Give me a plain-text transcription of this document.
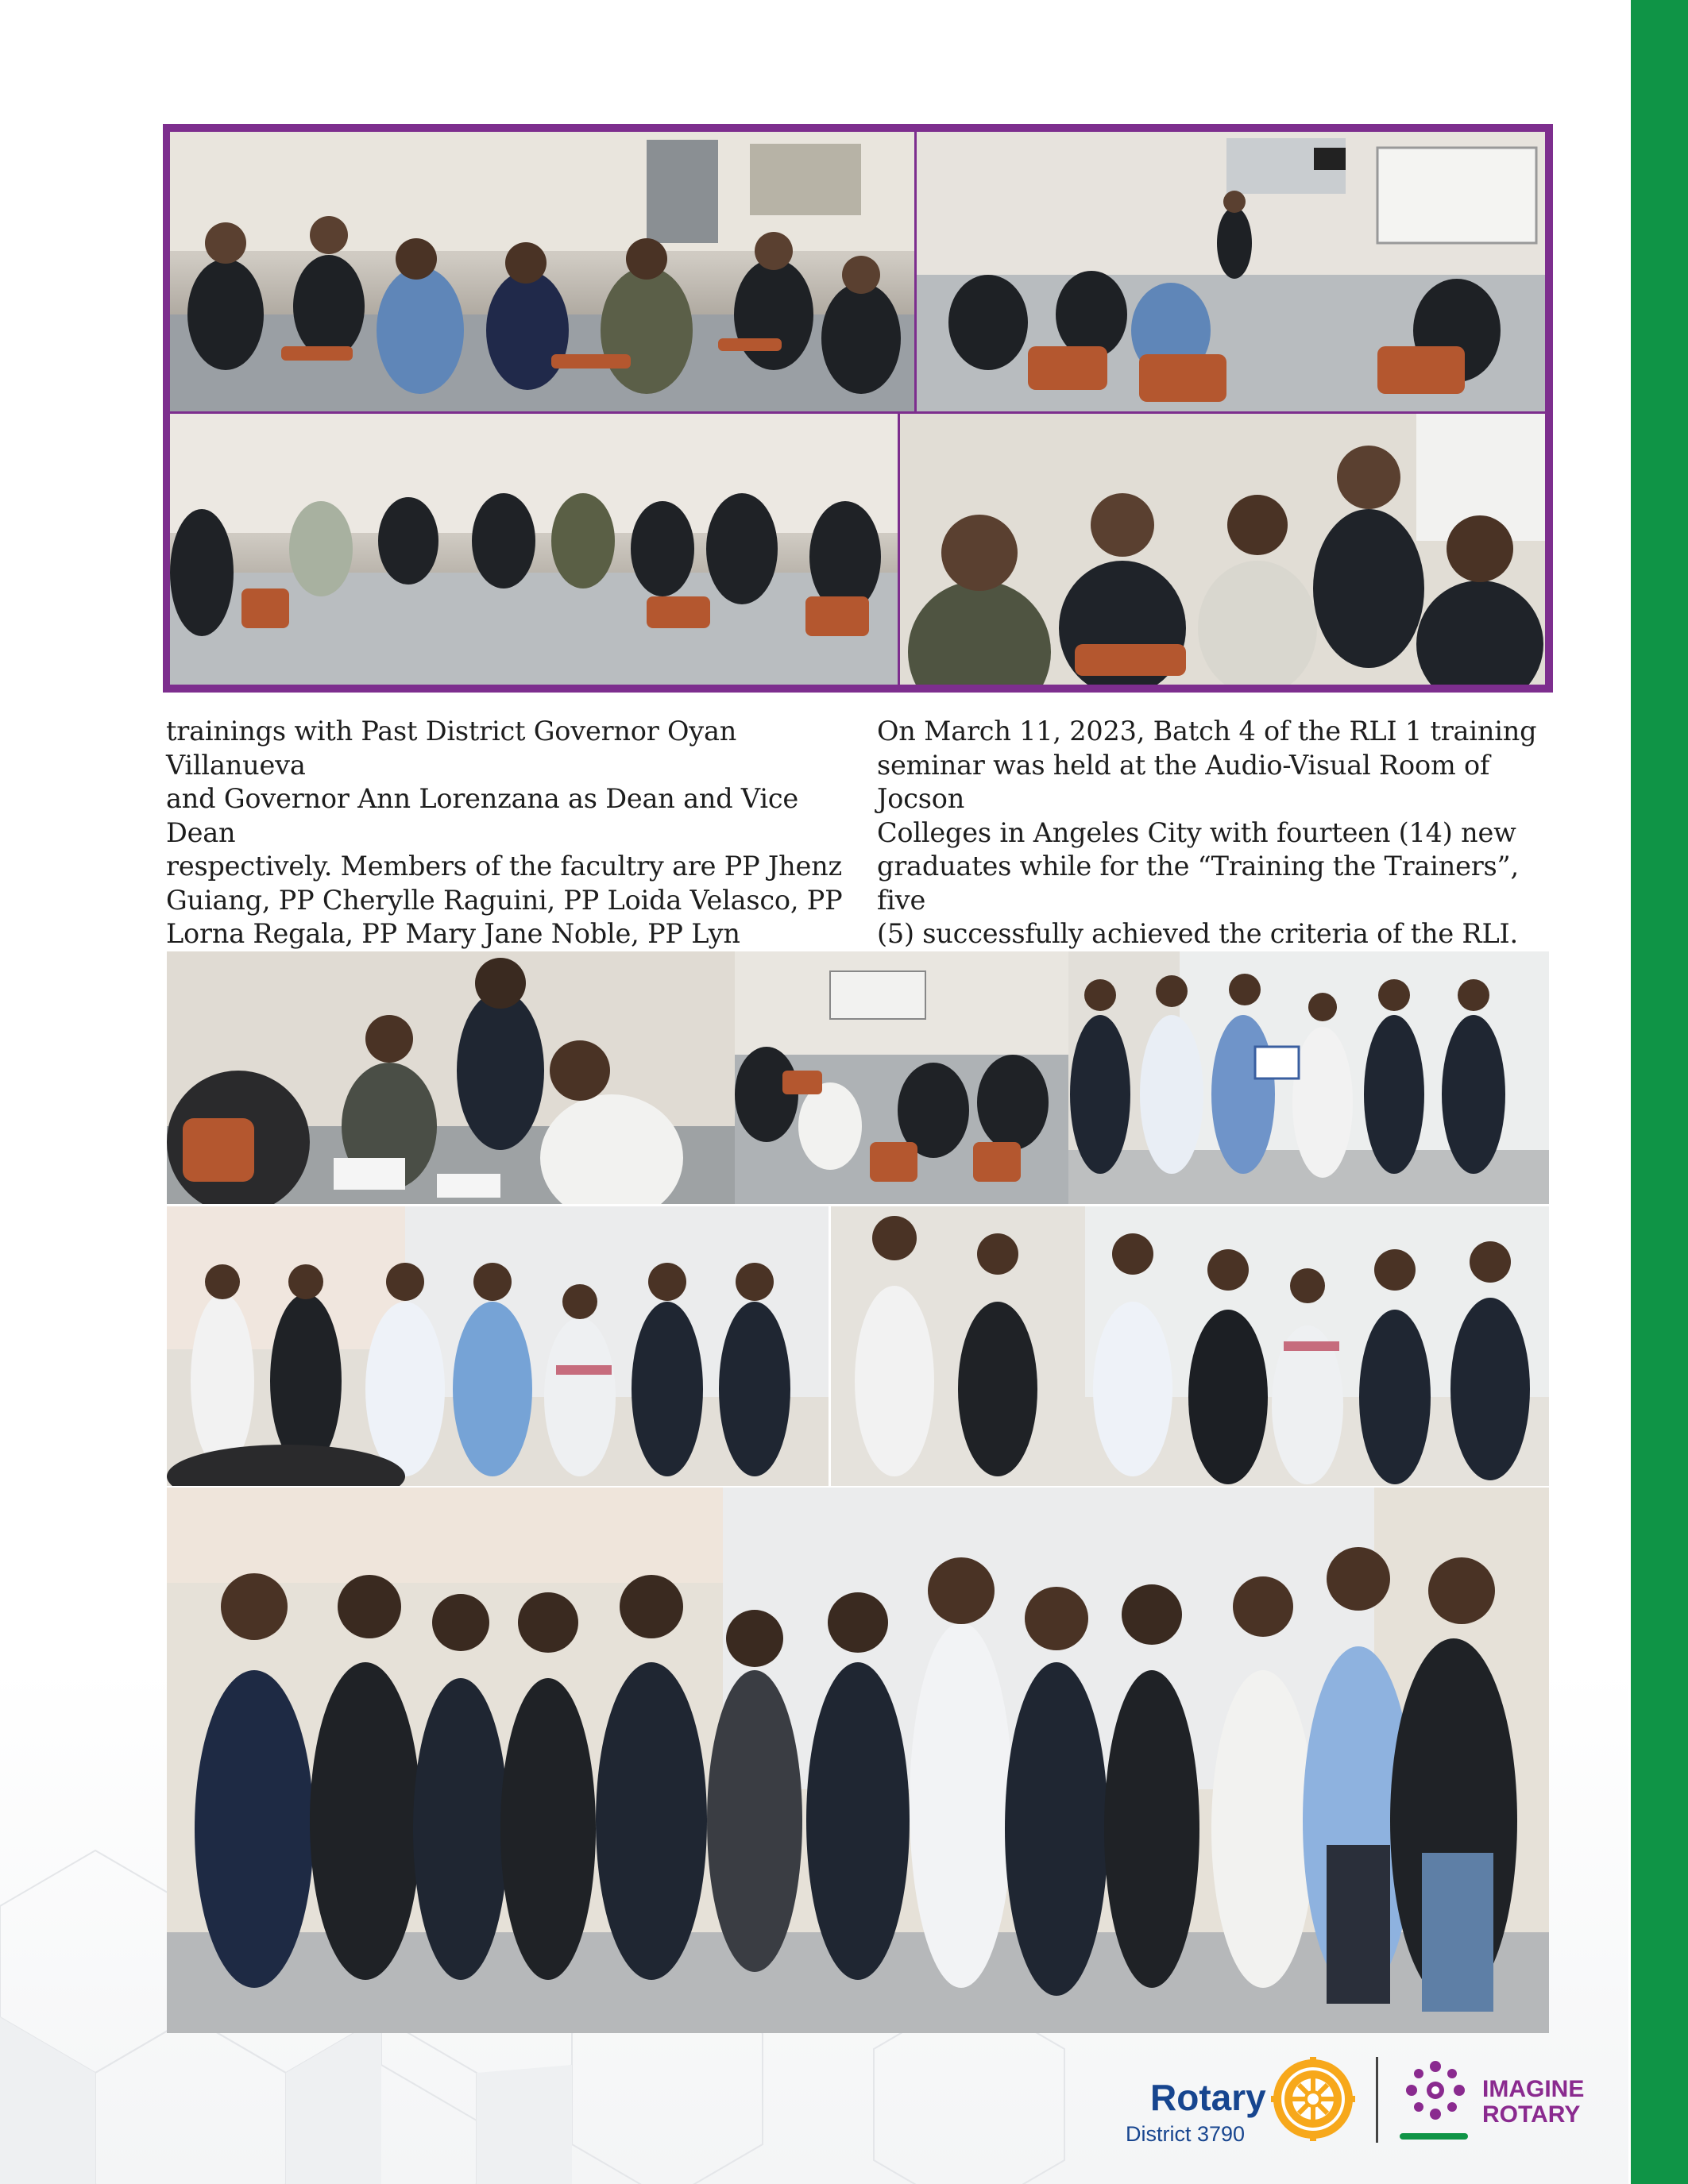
trainings with Past District Governor Oyan Villanueva
and Governor Ann Lorenzana as Dean and Vice Dean
respectively. Members of the facultry are PP Jhenz
Guiang, PP Cherylle Raguini, PP Loida Velasco, PP
Lorna Regala, PP Mary Jane Noble, PP Lyn

On March 11, 2023, Batch 4 of the RLI 1 training
seminar was held at the Audio-Visual Room of Jocson
Colleges in Angeles City with fourteen (14) new
graduates while for the “Training the Trainers”, five
(5) successfully achieved the criteria of the RLI.
Rotary
District 3790
IMAGINE
ROTARY
